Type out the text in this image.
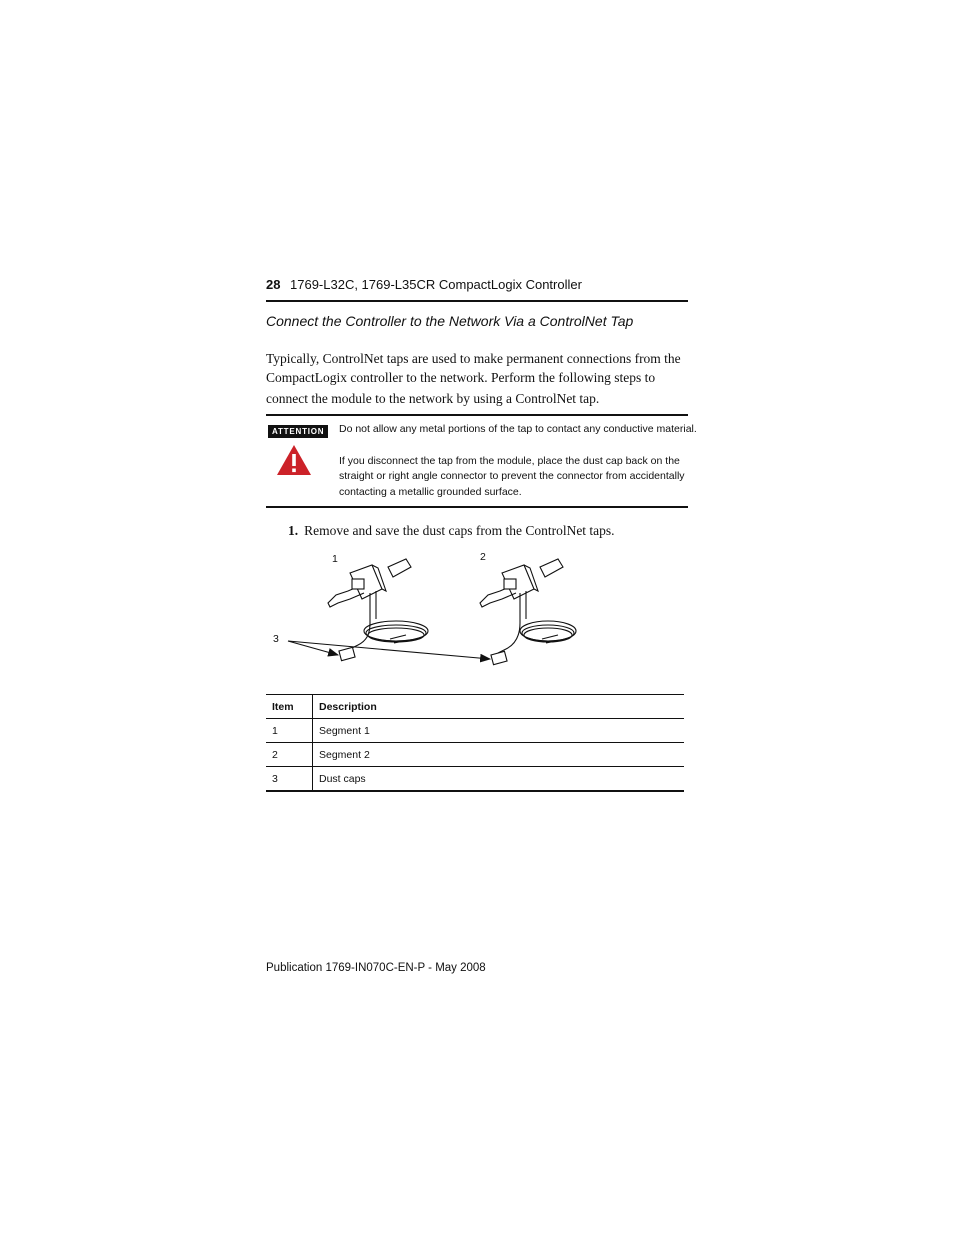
28 1769-L32C, 1769-L35CR CompactLogix Controller
Connect the Controller to the Network Via a ControlNet Tap
Typically, ControlNet taps are used to make permanent connections from the
CompactLogix controller to the network. Perform the following steps to
connect the module to the network by using a ControlNet tap.
ATTENTION	Do not allow any metal portions of the tap to contact any conductive material.

If you disconnect the tap from the module, place the dust cap back on the straight or right angle connector to prevent the connector from accidentally contacting a metallic grounded surface.

1. Remove and save the dust caps from the ControlNet taps.
1	2
3
Item	Description
1	Segment 1
2	Segment 2
3	Dust caps
Publication 1769-IN070C-EN-P - May 2008
